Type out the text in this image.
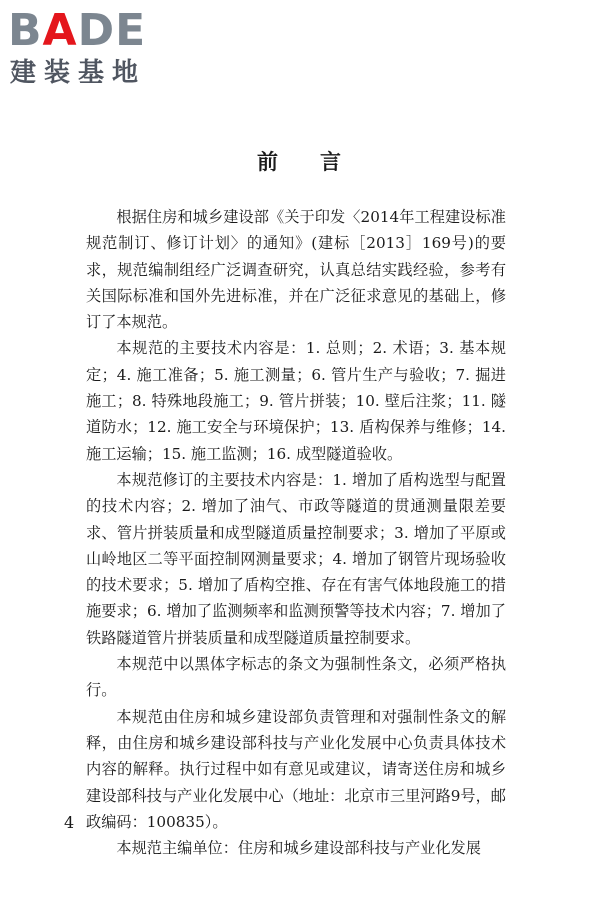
BADE
建装基地
前 言

根据住房和城乡建设部《关于印发〈2014年工程建设标准规范制订、修订计划〉的通知》(建标［2013］169号)的要求，规范编制组经广泛调查研究，认真总结实践经验，参考有关国际标准和国外先进标准，并在广泛征求意见的基础上，修订了本规范。

本规范的主要技术内容是：1. 总则；2. 术语；3. 基本规定；4. 施工准备；5. 施工测量；6. 管片生产与验收；7. 掘进施工；8. 特殊地段施工；9. 管片拼装；10. 壁后注浆；11. 隧道防水；12. 施工安全与环境保护；13. 盾构保养与维修；14. 施工运输；15. 施工监测；16. 成型隧道验收。

本规范修订的主要技术内容是：1. 增加了盾构选型与配置的技术内容；2. 增加了油气、市政等隧道的贯通测量限差要求、管片拼装质量和成型隧道质量控制要求；3. 增加了平原或山岭地区二等平面控制网测量要求；4. 增加了钢管片现场验收的技术要求；5. 增加了盾构空推、存在有害气体地段施工的措施要求；6. 增加了监测频率和监测预警等技术内容；7. 增加了铁路隧道管片拼装质量和成型隧道质量控制要求。

本规范中以黑体字标志的条文为强制性条文，必须严格执行。

本规范由住房和城乡建设部负责管理和对强制性条文的解释，由住房和城乡建设部科技与产业化发展中心负责具体技术内容的解释。执行过程中如有意见或建议，请寄送住房和城乡建设部科技与产业化发展中心（地址：北京市三里河路9号，邮政编码：100835）。

本规范主编单位：住房和城乡建设部科技与产业化发展

4
